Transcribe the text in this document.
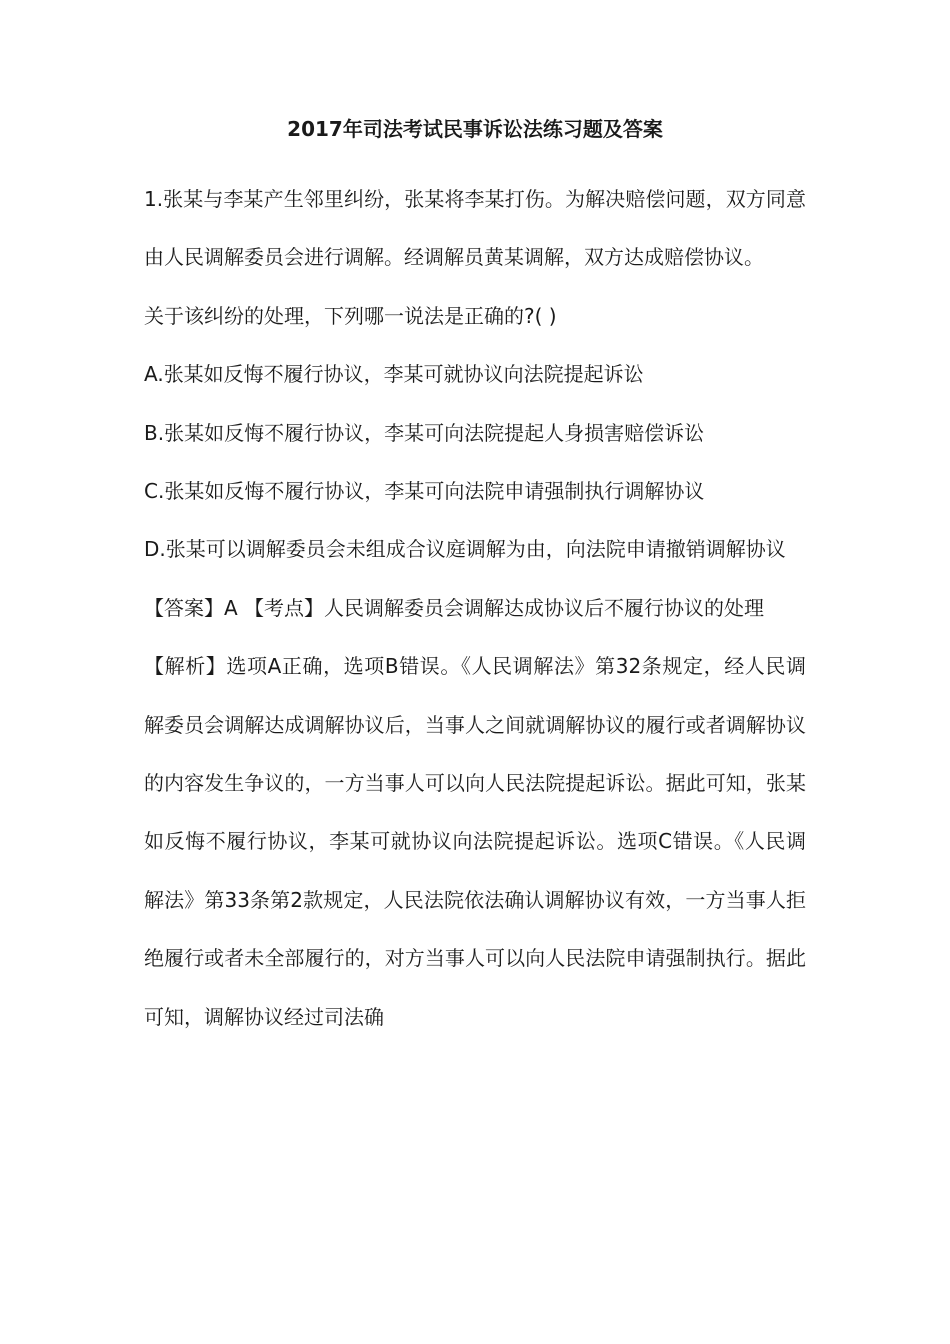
2017年司法考试民事诉讼法练习题及答案

1.张某与李某产生邻里纠纷，张某将李某打伤。为解决赔偿问题，双方同意由人民调解委员会进行调解。经调解员黄某调解，双方达成赔偿协议。

关于该纠纷的处理，下列哪一说法是正确的?( )

A.张某如反悔不履行协议，李某可就协议向法院提起诉讼

B.张某如反悔不履行协议，李某可向法院提起人身损害赔偿诉讼

C.张某如反悔不履行协议，李某可向法院申请强制执行调解协议

D.张某可以调解委员会未组成合议庭调解为由，向法院申请撤销调解协议

【答案】A 【考点】人民调解委员会调解达成协议后不履行协议的处理

【解析】选项A正确，选项B错误。《人民调解法》第32条规定，经人民调解委员会调解达成调解协议后，当事人之间就调解协议的履行或者调解协议的内容发生争议的，一方当事人可以向人民法院提起诉讼。据此可知，张某如反悔不履行协议，李某可就协议向法院提起诉讼。选项C错误。《人民调解法》第33条第2款规定，人民法院依法确认调解协议有效，一方当事人拒绝履行或者未全部履行的，对方当事人可以向人民法院申请强制执行。据此可知，调解协议经过司法确
